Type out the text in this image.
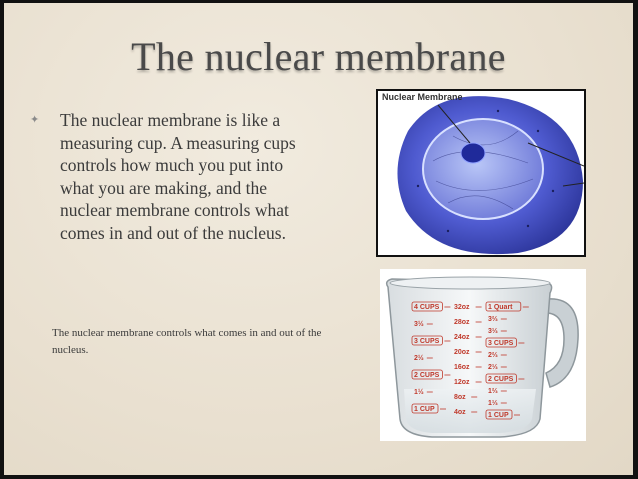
The nuclear membrane
✦ The nuclear membrane is like a measuring cup. A measuring cups controls how much you put into what you are making, and the nuclear membrane controls what comes in and out of the nucleus.
The nuclear membrane controls what comes in and out of the nucleus.
Nuclear Membrane
4 CUPS
3½
3 CUPS
2½
2 CUPS
1½
1 CUP
32oz
28oz
24oz
20oz
16oz
12oz
8oz
4oz
1 Quart
3⅔
3⅓
3 CUPS
2⅔
2⅓
2 CUPS
1⅔
1⅓
1 CUP
